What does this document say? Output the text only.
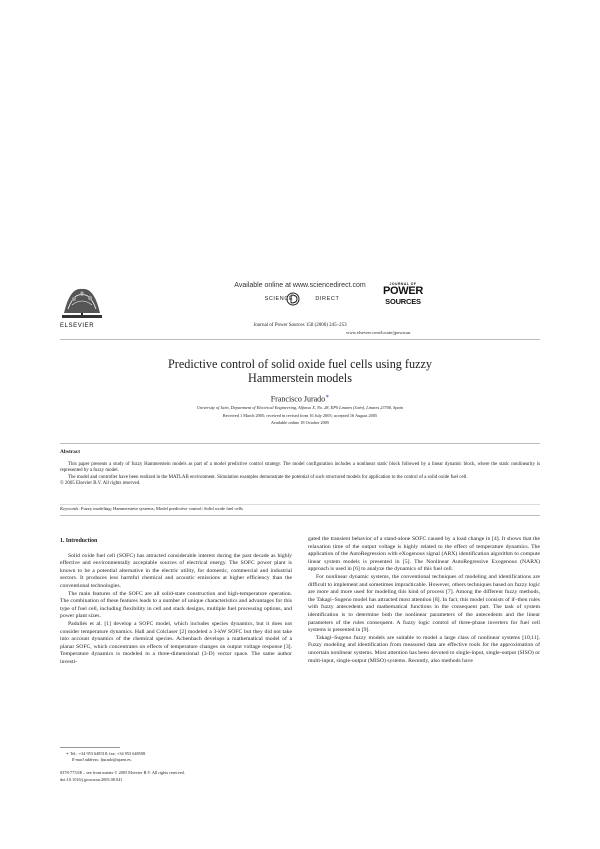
ELSEVIER
Available online at www.sciencedirect.com
SCIENCE DIRECT
Journal of Power Sources 158 (2006) 245–253
JOURNAL OF
POWER
SOURCES
www.elsevier.com/locate/jpowsour
Predictive control of solid oxide fuel cells using fuzzy
Hammerstein models
Francisco Jurado∗
University of Jaén, Department of Electrical Engineering, Alfonso X, No. 28, EPS Linares (Jaén), Linares 23700, Spain
Received 1 March 2005; received in revised form 16 July 2005; accepted 16 August 2005
Available online 18 October 2005
Abstract
This paper presents a study of fuzzy Hammerstein models as part of a model predictive control strategy. The model configuration includes a nonlinear static block followed by a linear dynamic block, where the static nonlinearity is represented by a fuzzy model.
The model and controller have been realized in the MATLAB environment. Simulation examples demonstrate the potential of such structured models for application to the control of a solid oxide fuel cell.
© 2005 Elsevier B.V. All rights reserved.
Keywords: Fuzzy modeling; Hammerstein systems; Model predictive control; Solid oxide fuel cells
1. Introduction

Solid oxide fuel cell (SOFC) has attracted considerable interest during the past decade as highly effective and environmentally acceptable sources of electrical energy. The SOFC power plant is known to be a potential alternative in the electric utility, for domestic, commercial and industrial sectors. It produces less harmful chemical and acoustic emissions at higher efficiency than the conventional technologies.

The main features of the SOFC are all solid-state construction and high-temperature operation. The combination of these features leads to a number of unique characteristics and advantages for this type of fuel cell, including flexibility in cell and stack designs, multiple fuel processing options, and power plant sizes.

Padullés et al. [1] develop a SOFC model, which includes species dynamics, but it does not consider temperature dynamics. Hall and Colclaser [2] modeled a 3-kW SOFC but they did not take into account dynamics of the chemical species. Achenbach develops a mathematical model of a planar SOFC, which concentrates on effects of temperature changes on output voltage response [3]. Temperature dynamics is modeled in a three-dimensional (3-D) vector space. The same author investi-

gated the transient behavior of a stand-alone SOFC caused by a load change in [4]. It shows that the relaxation time of the output voltage is highly related to the effect of temperature dynamics. The application of the AutoRegression with eXogenous signal (ARX) identification algorithm to compute linear system models is presented in [5]. The Nonlinear AutoRegressive Exogenous (NARX) approach is used in [6] to analyze the dynamics of this fuel cell.

For nonlinear dynamic systems, the conventional techniques of modeling and identifications are difficult to implement and sometimes impracticable. However, others techniques based on fuzzy logic are more and more used for modeling this kind of process [7]. Among the different fuzzy methods, the Takagi–Sugeno model has attracted most attention [8]. In fact, this model consists of if–then rules with fuzzy antecedents and mathematical functions in the consequent part. The task of system identification is to determine both the nonlinear parameters of the antecedents and the linear parameters of the rules consequent. A fuzzy logic control of three-phase inverters for fuel cell systems is presented in [9].

Takagi–Sugeno fuzzy models are suitable to model a large class of nonlinear systems [10,11]. Fuzzy modeling and identification from measured data are effective tools for the approximation of uncertain nonlinear systems. Most attention has been devoted to single-input, single-output (SISO) or multi-input, single-output (MISO) systems. Recently, also methods have

∗ Tel.: +34 953 648518; fax: +34 953 648508.
E-mail address: fjurado@ujaen.es.
0378-7753/$ – see front matter © 2005 Elsevier B.V. All rights reserved.
doi:10.1016/j.jpowsour.2005.08.041
